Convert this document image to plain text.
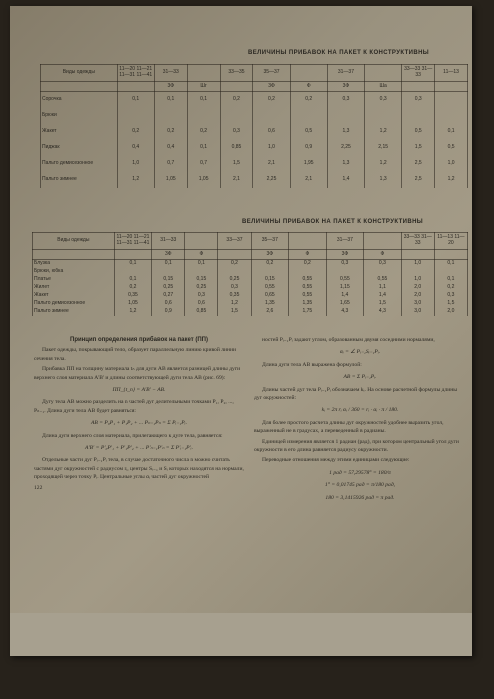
ВЕЛИЧИНЫ ПРИБАВОК НА ПАКЕТ К КОНСТРУКТИВНЫ
Виды одежды	11—20 11—21 11—31 11—41	31—33		33—35	35—37		31—37		33—33 31—33	11—13
		3Ф	Шг		3Ф	Ф	3Ф	Ша		
Сорочка	0,1	0,1	0,1	0,2	0,2	0,2	0,3	0,3	0,3	
Брюки										
Жакет	0,2	0,2	0,2	0,3	0,6	0,5	1,3	1,2	0,5	0,1
Пиджак	0,4	0,4	0,1	0,85	1,0	0,9	2,25	2,15	1,5	0,5
Пальто демисезонное	1,0	0,7	0,7	1,5	2,1	1,95	1,3	1,2	2,5	1,0
Пальто зимнее	1,2	1,05	1,05	2,1	2,25	2,1	1,4	1,3	2,5	1,2
ВЕЛИЧИНЫ ПРИБАВОК НА ПАКЕТ К КОНСТРУКТИВНЫ
Виды одежды	11—20 11—21 11—31 11—41	31—33		33—37	35—37		31—37		33—33 31—33	11—13 11—20
		3Ф	Ф		3Ф	Ф	3Ф	Ф		
Блузка	0,1	0,1	0,1	0,2	0,2	0,2	0,3	0,3	1,0	0,1
Брюки, юбка										
Платье	0,1	0,15	0,15	0,25	0,15	0,55	0,55	0,55	1,0	0,1
Жилет	0,2	0,25	0,25	0,3	0,55	0,55	1,15	1,1	2,0	0,2
Жакет	0,35	0,27	0,3	0,35	0,65	0,55	1,4	1,4	2,0	0,3
Пальто демисезонное	1,05	0,6	0,6	1,2	1,35	1,35	1,65	1,5	3,0	1,5
Пальто зимнее	1,2	0,9	0,85	1,5	2,6	1,75	4,3	4,3	3,0	2,0

Принцип определения прибавок на пакет (ПП)

Пакет одежды, покрывающий тело, образует параллельную линию кривой линии сечения тела.

Прибавка ПП на толщину материала tₙ для дуги AB является разницей длины дуги верхнего слоя материала A'B' и длины соответствующей дуги тела AB (рис. 69):

ПП_{t_n} = A'B' − AB.

Дугу тела AB можно разделить на n частей дуг делительными точками P₁, P₂, ..., Pₙ₋₁. Длина дуги тела AB будет равняться:

AB = P₀P₁ + P₁P₂ + ... Pₙ₋₁Pₙ = Σ Pᵢ₋₁Pᵢ.

Длина дуги верхнего слоя материала, прилегающего к дуге тела, равняется:

A'B' = P'₀P'₁ + P'₁P'₂ + ... P'ₙ₋₁P'ₙ = Σ P'ᵢ₋₁P'ᵢ.

Отдельные части дуг Pᵢ₋₁Pᵢ тела, в случае достаточного числа n можно считать частями дуг окружностей с радиусом rᵢ, центры Sᵢ₋₁ и Sᵢ которых находятся на нормали, проходящей через точку Pᵢ. Центральные углы αᵢ частей дуг окружностей

122

ностей Pᵢ₋₁Pᵢ задают углом, образованным двумя соседними нормалями,

αᵢ = ∠ Pᵢ₋₁Sᵢ₋₁Pᵢ.

Длина дуги тела AB выражена формулой:

AB = Σ Pᵢ₋₁Pᵢ.

Длины частей дуг тела Pᵢ₋₁Pᵢ обозначаем kᵢ. На основе расчетной формулы длины дуг окружностей:

kᵢ = 2π rᵢ αᵢ / 360 = rᵢ · αᵢ · π / 180.

Для более простого расчета длины дуг окружностей удобнее выразить угол, выраженный не в градусах, а переведенный в радианы.

Единицей измерения является 1 радиан (рад), при котором центральный угол дуги окружности в его длина равняется радиусу окружности.

Переводные отношения между этими единицами следующие:

1 рад = 57,29578° = 180/π

1° = 0,01745 рад = π/180 рад,

180 = 3,1415926 рад = π рад.
